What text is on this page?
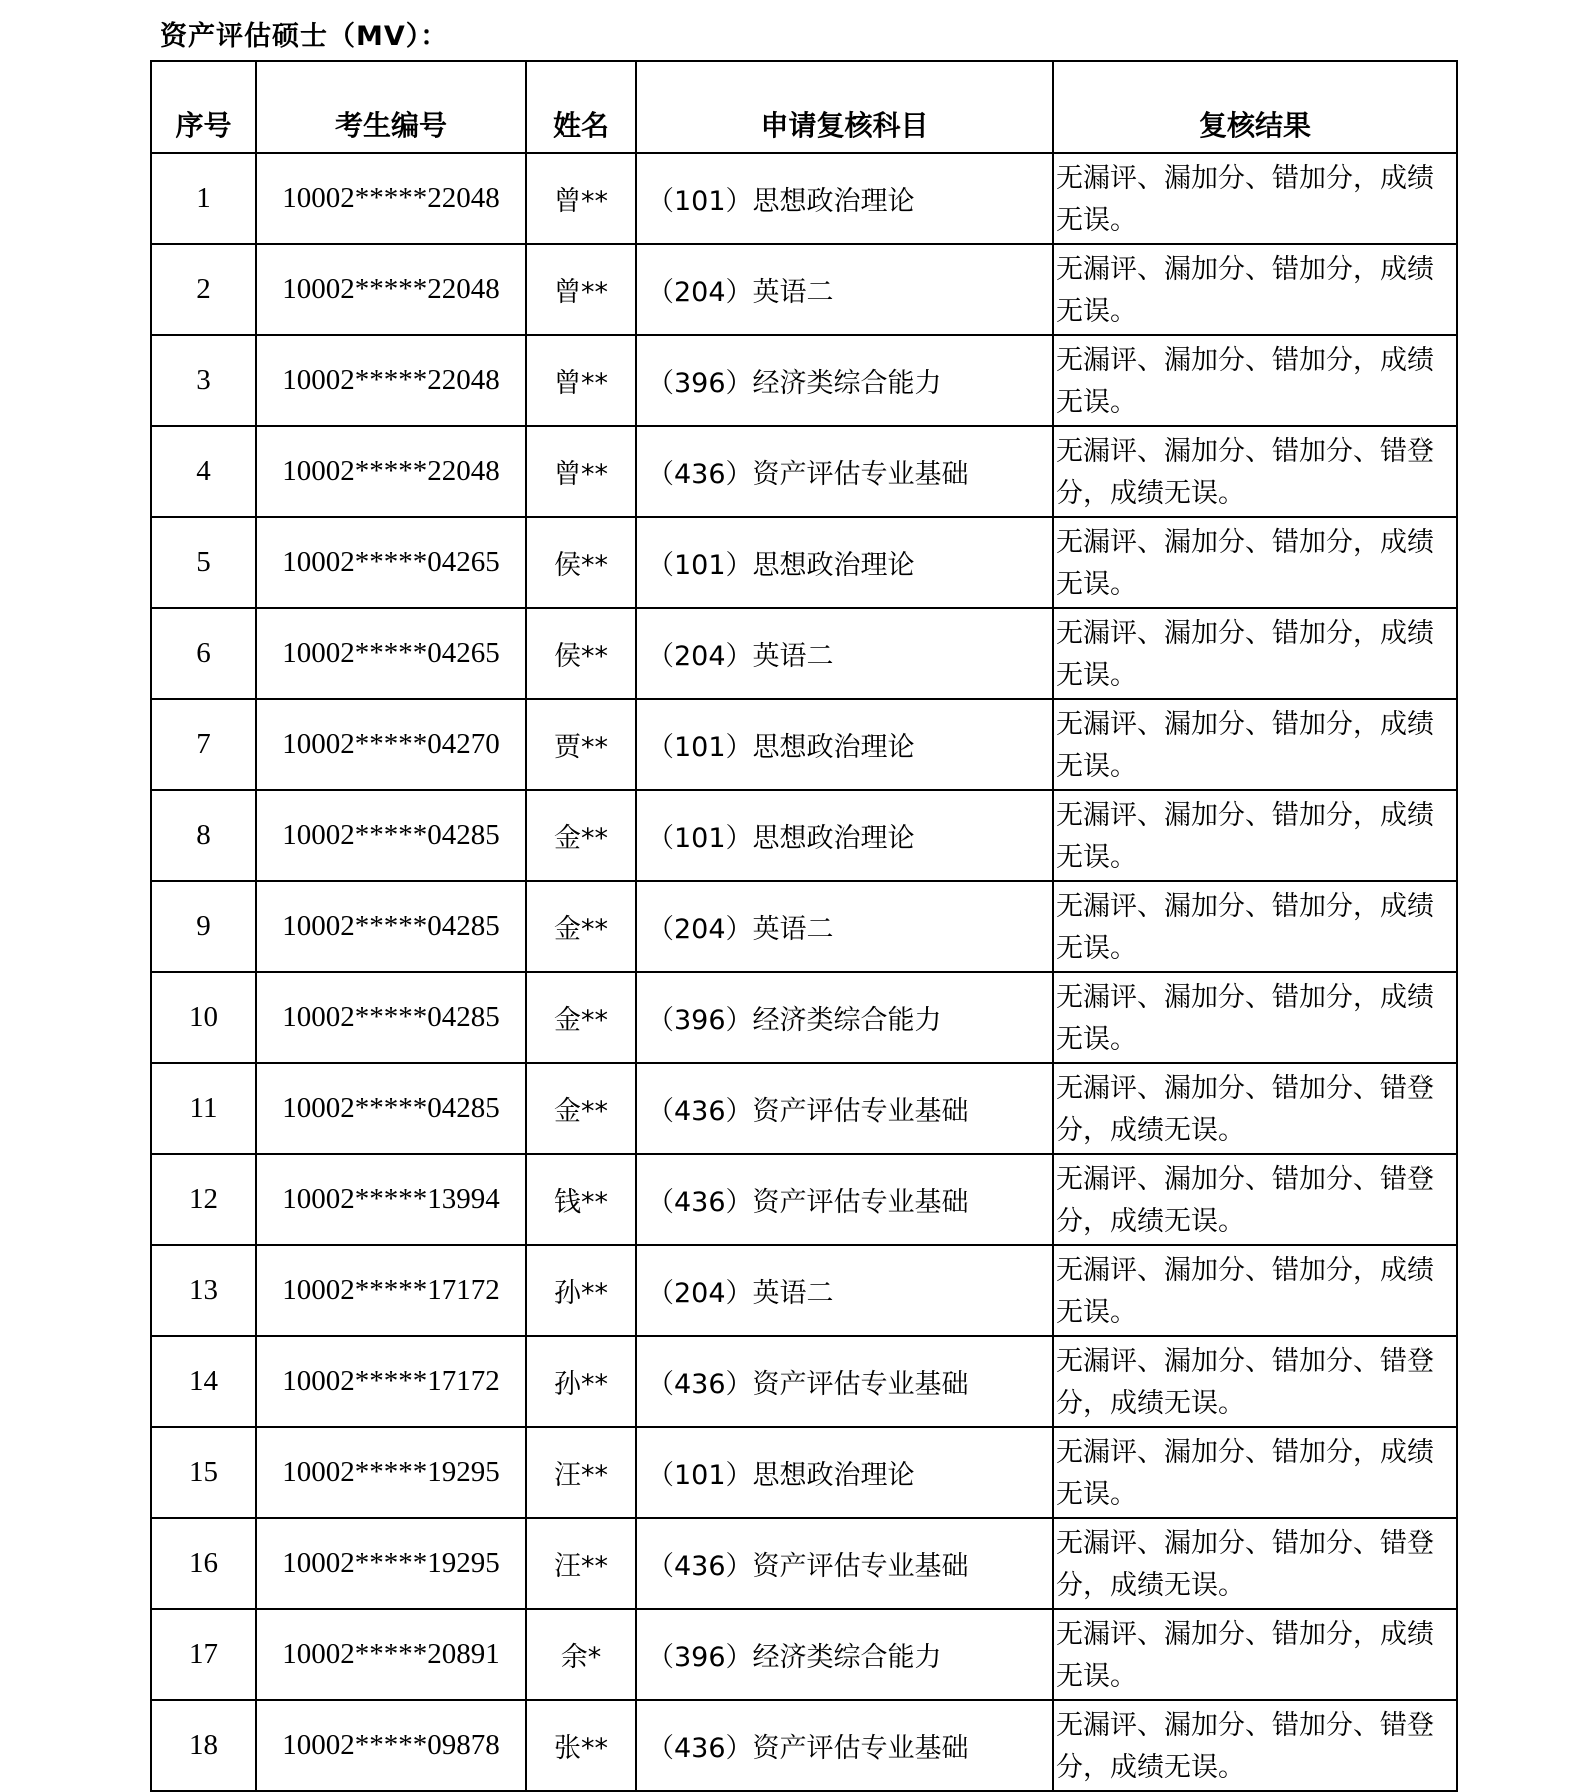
资产评估硕士（MV）：
序号	考生编号	姓名	申请复核科目	复核结果
1	10002*****22048	曾**	（101）思想政治理论	无漏评、漏加分、错加分，成绩无误。
2	10002*****22048	曾**	（204）英语二	无漏评、漏加分、错加分，成绩无误。
3	10002*****22048	曾**	（396）经济类综合能力	无漏评、漏加分、错加分，成绩无误。
4	10002*****22048	曾**	（436）资产评估专业基础	无漏评、漏加分、错加分、错登分，成绩无误。
5	10002*****04265	侯**	（101）思想政治理论	无漏评、漏加分、错加分，成绩无误。
6	10002*****04265	侯**	（204）英语二	无漏评、漏加分、错加分，成绩无误。
7	10002*****04270	贾**	（101）思想政治理论	无漏评、漏加分、错加分，成绩无误。
8	10002*****04285	金**	（101）思想政治理论	无漏评、漏加分、错加分，成绩无误。
9	10002*****04285	金**	（204）英语二	无漏评、漏加分、错加分，成绩无误。
10	10002*****04285	金**	（396）经济类综合能力	无漏评、漏加分、错加分，成绩无误。
11	10002*****04285	金**	（436）资产评估专业基础	无漏评、漏加分、错加分、错登分，成绩无误。
12	10002*****13994	钱**	（436）资产评估专业基础	无漏评、漏加分、错加分、错登分，成绩无误。
13	10002*****17172	孙**	（204）英语二	无漏评、漏加分、错加分，成绩无误。
14	10002*****17172	孙**	（436）资产评估专业基础	无漏评、漏加分、错加分、错登分，成绩无误。
15	10002*****19295	汪**	（101）思想政治理论	无漏评、漏加分、错加分，成绩无误。
16	10002*****19295	汪**	（436）资产评估专业基础	无漏评、漏加分、错加分、错登分，成绩无误。
17	10002*****20891	余*	（396）经济类综合能力	无漏评、漏加分、错加分，成绩无误。
18	10002*****09878	张**	（436）资产评估专业基础	无漏评、漏加分、错加分、错登分，成绩无误。
